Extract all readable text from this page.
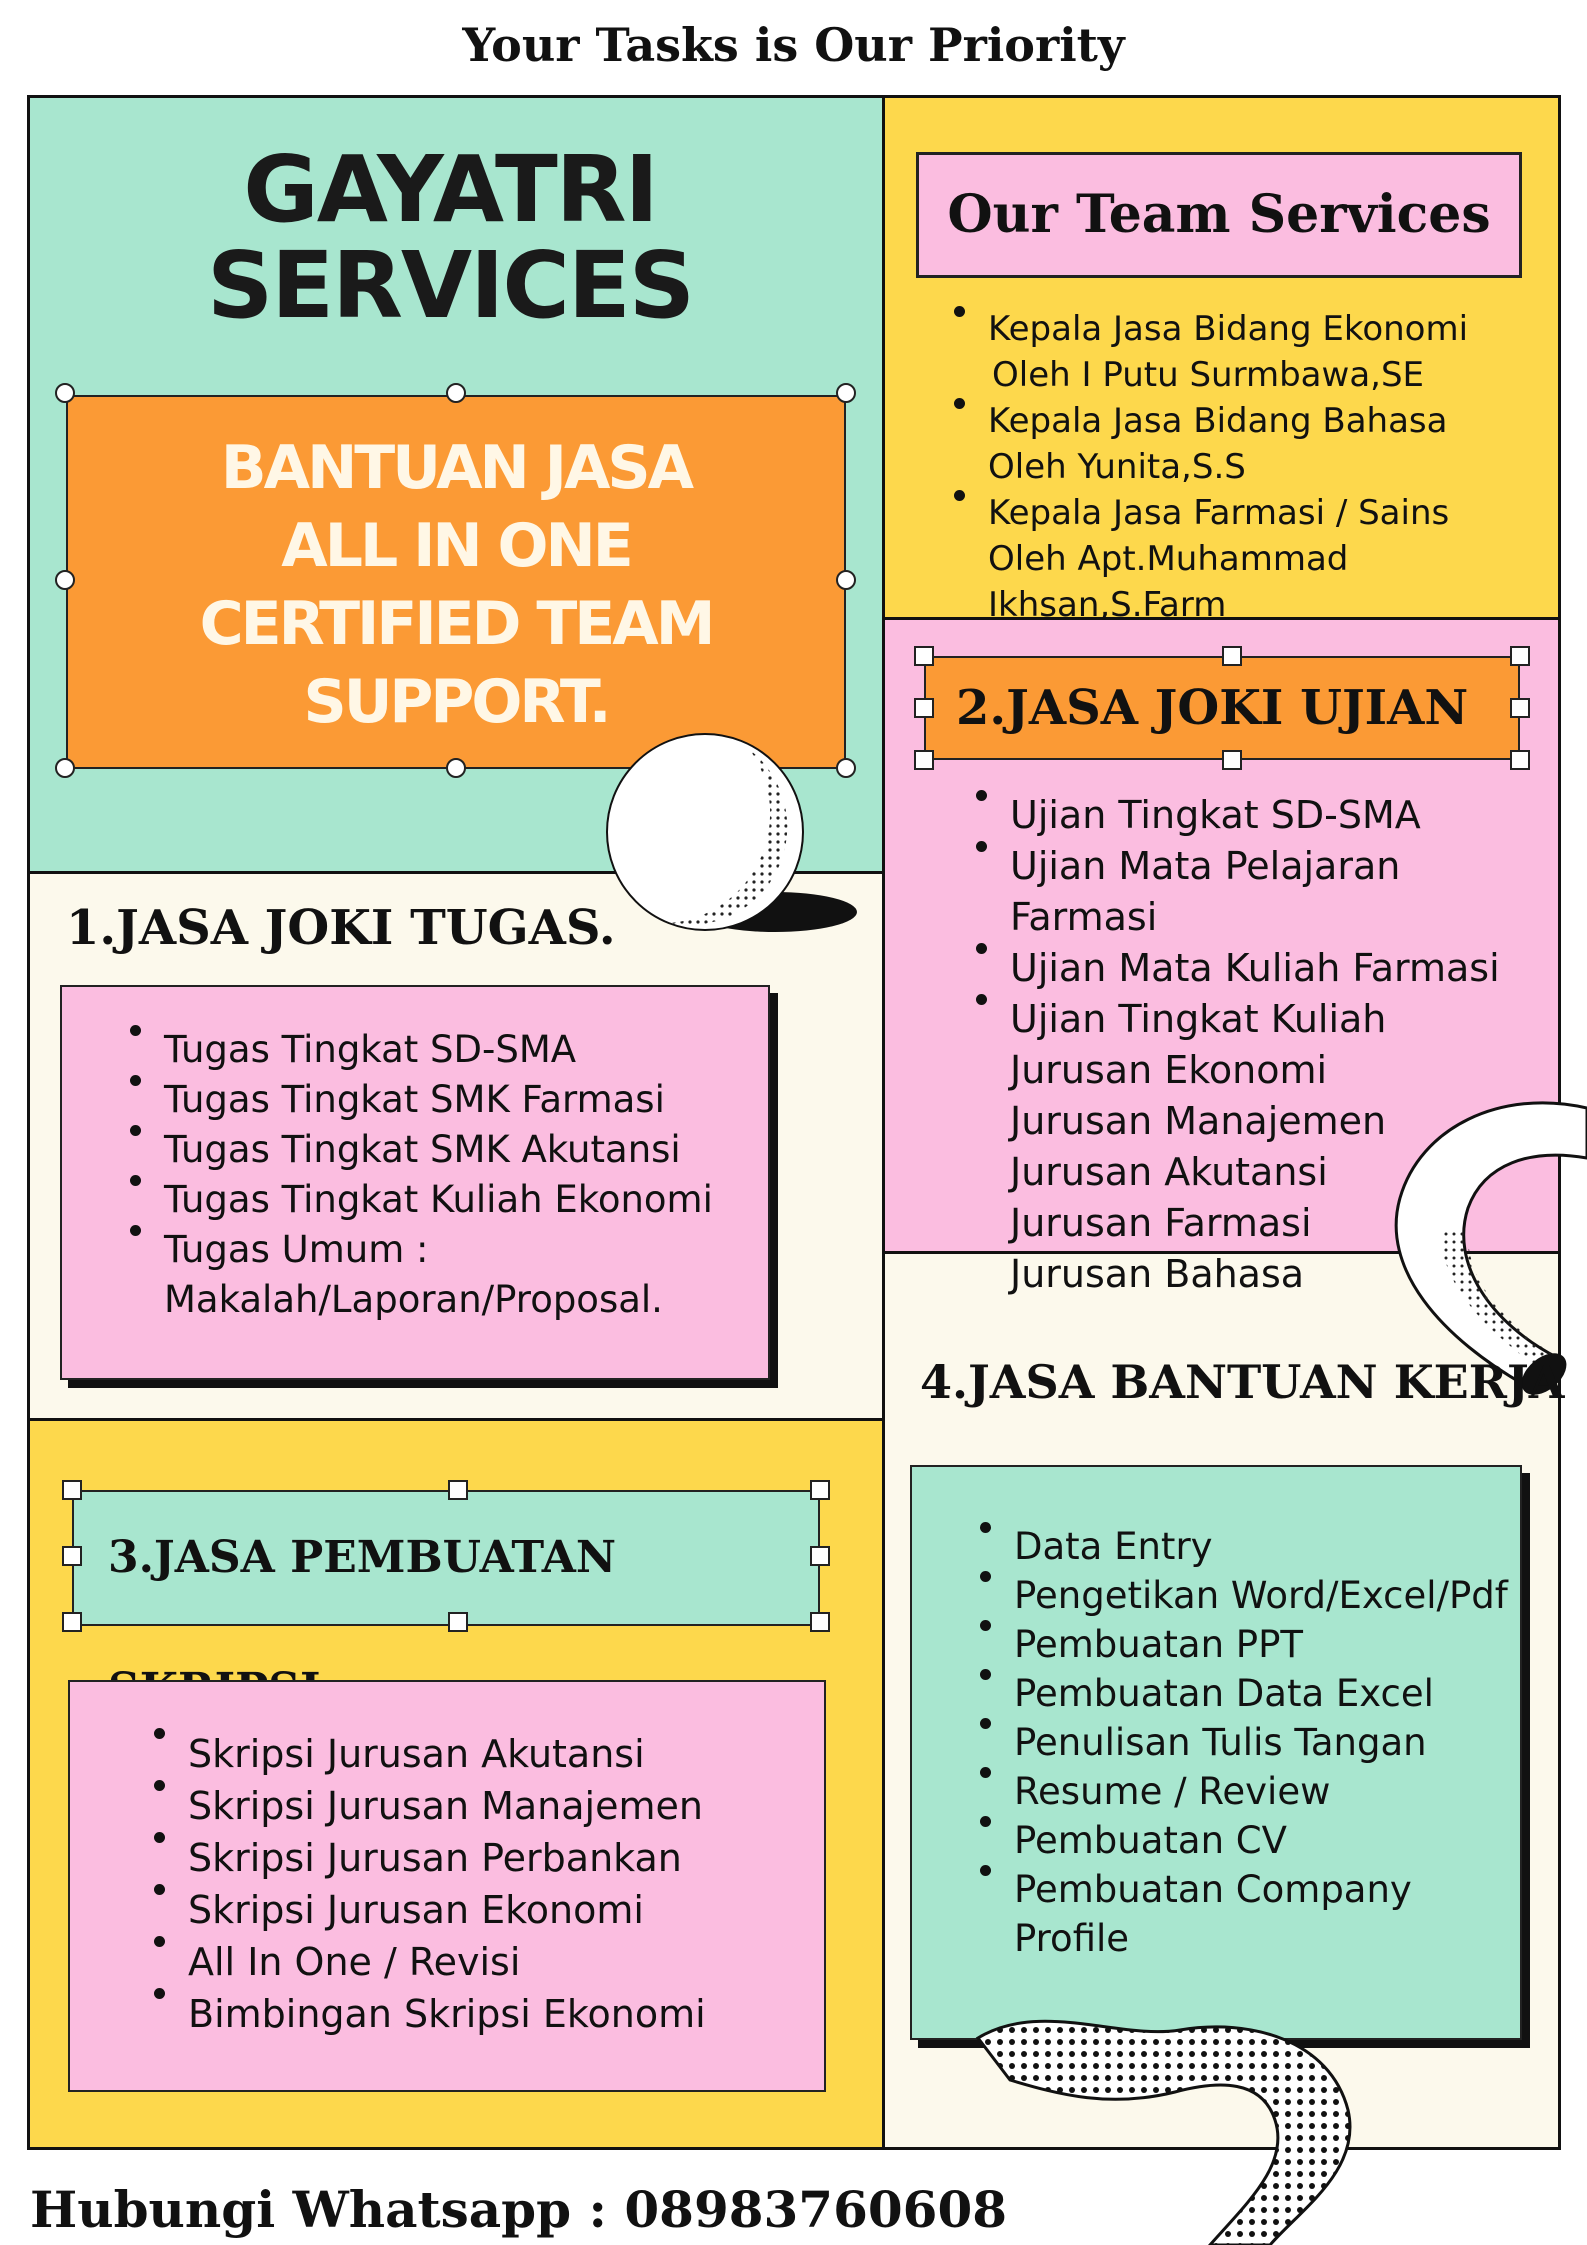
Your Tasks is Our Priority
GAYATRI
SERVICES
BANTUAN JASA
ALL IN ONE
CERTIFIED TEAM
SUPPORT.
Our Team Services
Kepala Jasa Bidang Ekonomi
Oleh I Putu Surmbawa,SE
Kepala Jasa Bidang Bahasa
Oleh Yunita,S.S
Kepala Jasa Farmasi / Sains
Oleh Apt.Muhammad Ikhsan,S.Farm
2.JASA JOKI UJIAN
Ujian Tingkat SD-SMA
Ujian Mata Pelajaran Farmasi
Ujian Mata Kuliah Farmasi
Ujian Tingkat Kuliah
Jurusan Ekonomi
Jurusan Manajemen
Jurusan Akutansi
Jurusan Farmasi
Jurusan Bahasa
1.JASA JOKI TUGAS.
Tugas Tingkat SD-SMA
Tugas Tingkat SMK Farmasi
Tugas Tingkat SMK Akutansi
Tugas Tingkat Kuliah Ekonomi
Tugas Umum :
Makalah/Laporan/Proposal.
3.JASA PEMBUATAN
Skripsi Jurusan Akutansi
Skripsi Jurusan Manajemen
Skripsi Jurusan Perbankan
Skripsi Jurusan Ekonomi
All In One / Revisi
Bimbingan Skripsi Ekonomi
4.JASA BANTUAN KERJA
Data Entry
Pengetikan Word/Excel/Pdf
Pembuatan PPT
Pembuatan Data Excel
Penulisan Tulis Tangan
Resume / Review
Pembuatan CV
Pembuatan Company
Profile
Hubungi Whatsapp : 08983760608
